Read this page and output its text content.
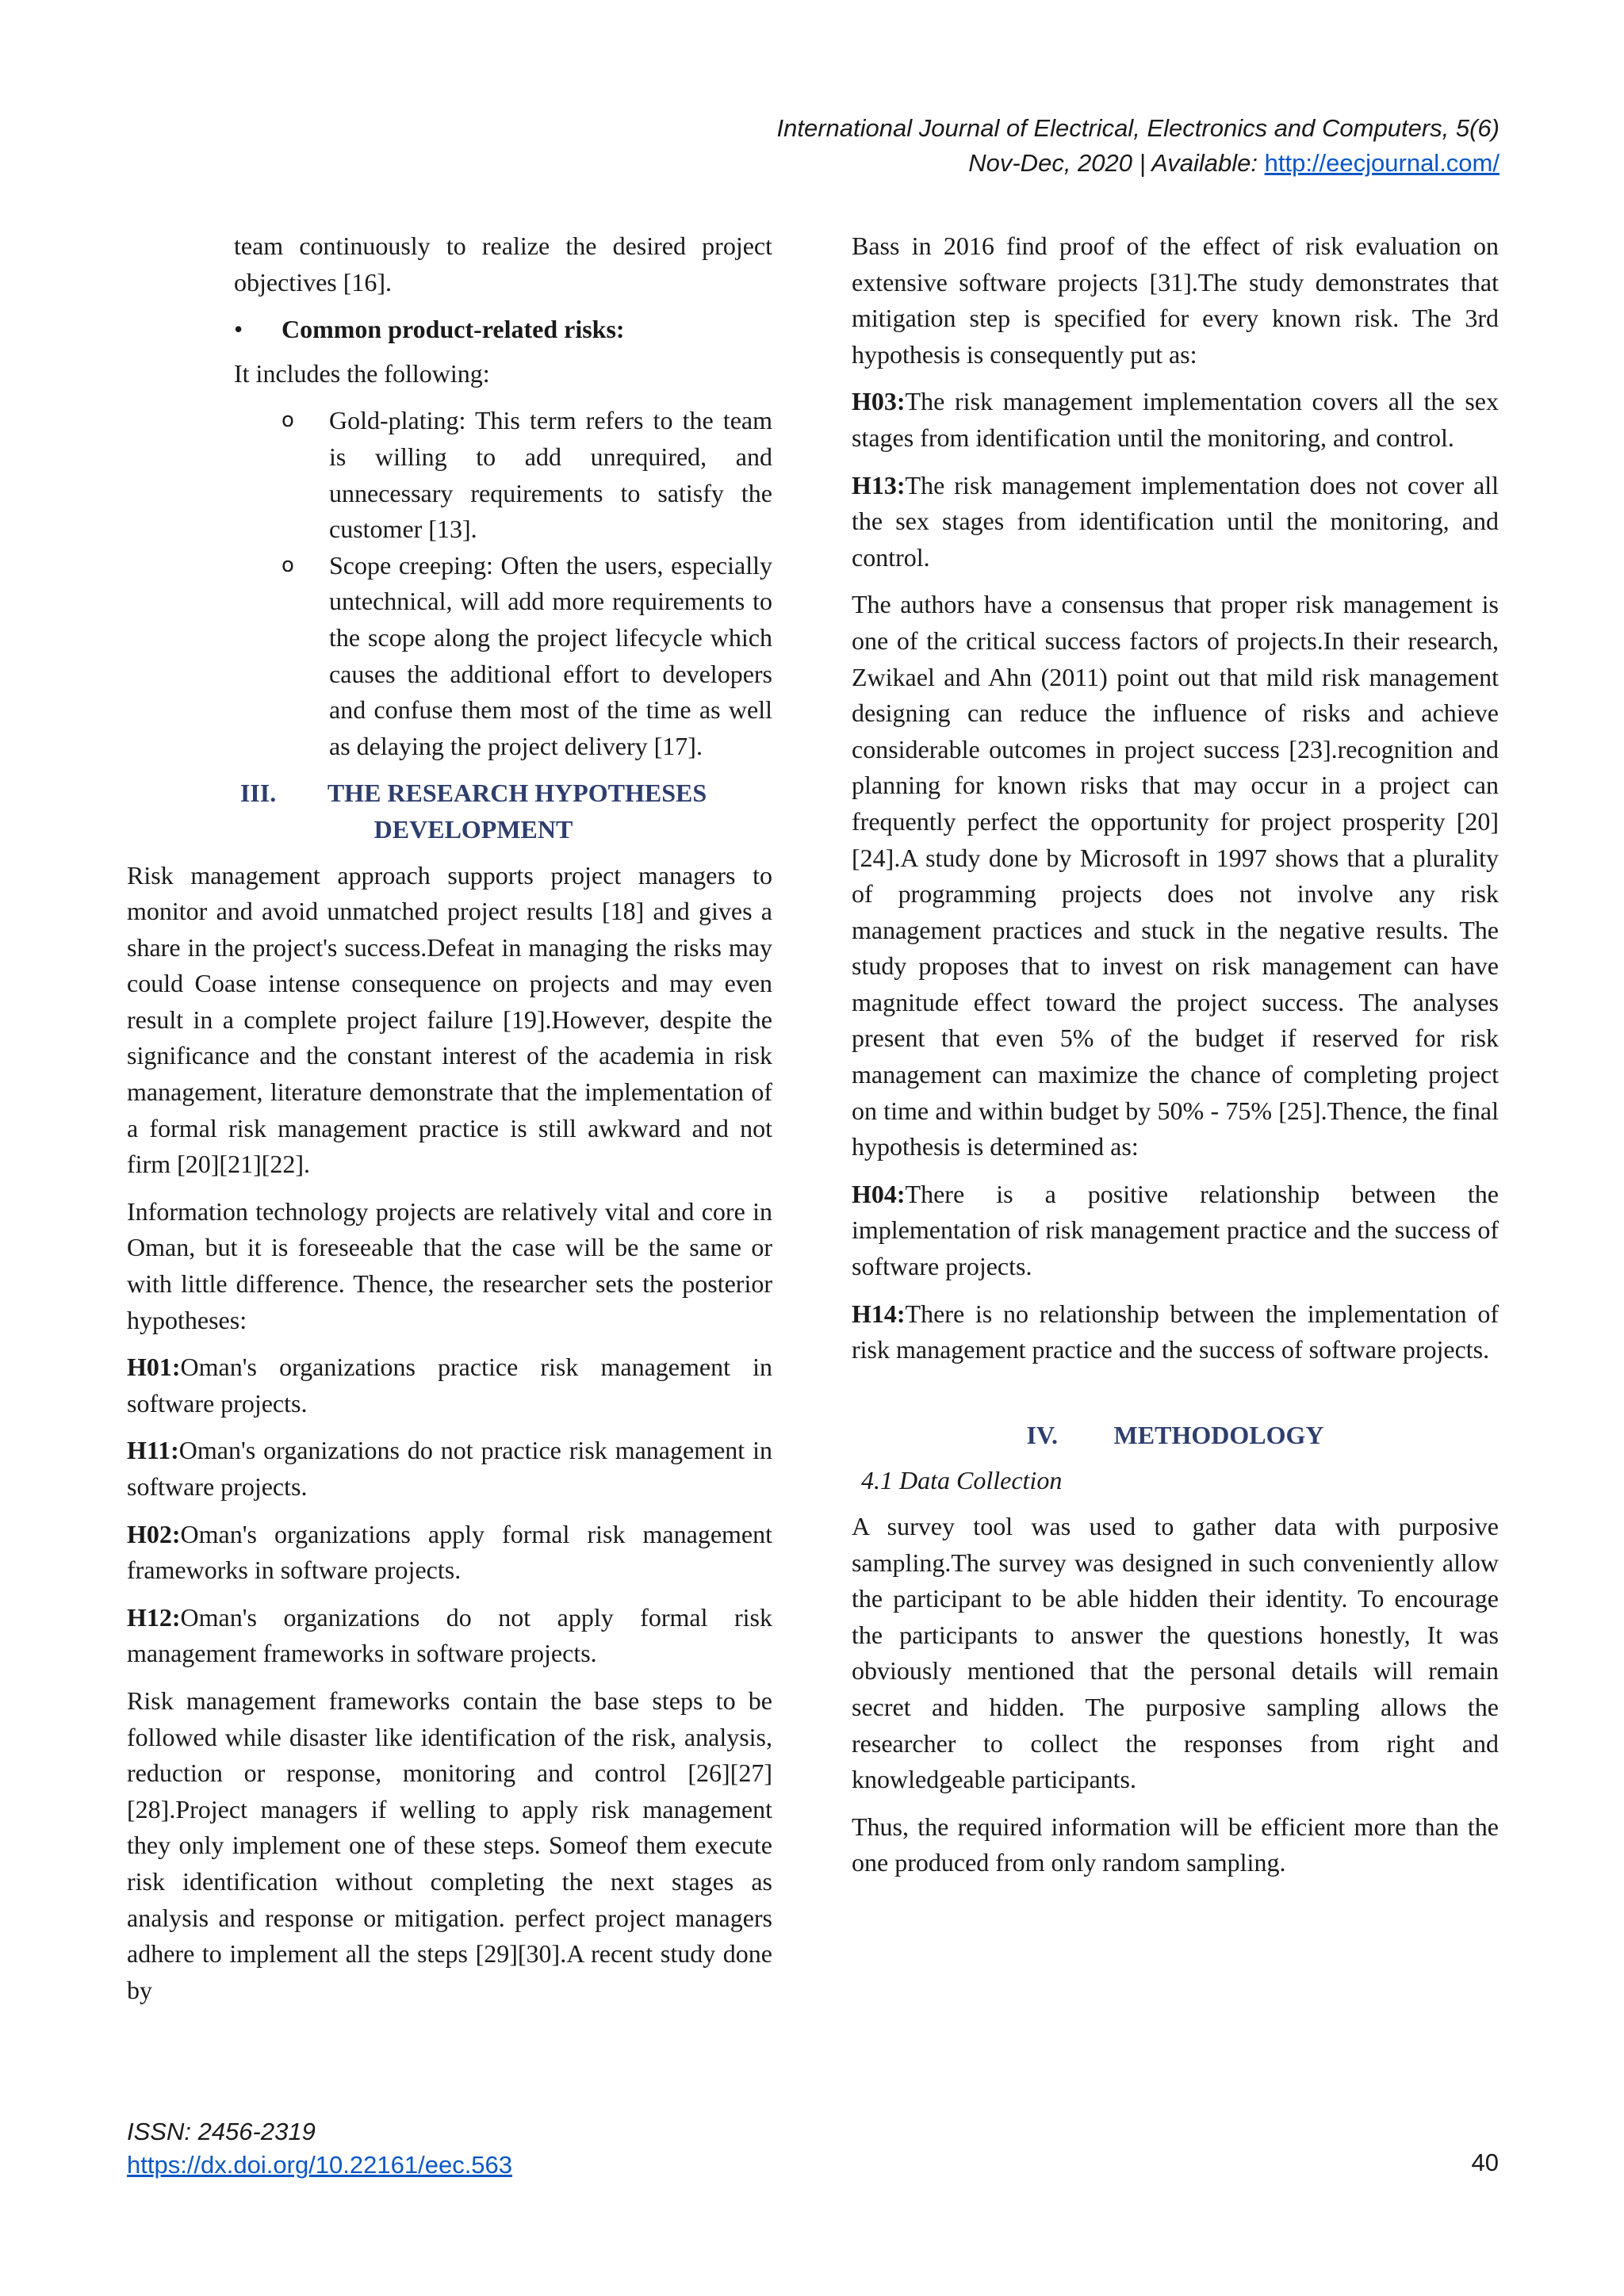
International Journal of Electrical, Electronics and Computers, 5(6)
Nov-Dec, 2020 | Available: http://eecjournal.com/

team continuously to realize the desired project objectives [16].

•	Common product-related risks:

It includes the following:

o	Gold-plating: This term refers to the team is willing to add unrequired, and unnecessary requirements to satisfy the customer [13].
o	Scope creeping: Often the users, especially untechnical, will add more requirements to the scope along the project lifecycle which causes the additional effort to developers and confuse them most of the time as well as delaying the project delivery [17].
III. THE RESEARCH HYPOTHESES DEVELOPMENT

Risk management approach supports project managers to monitor and avoid unmatched project results [18] and gives a share in the project's success.Defeat in managing the risks may could Coase intense consequence on projects and may even result in a complete project failure [19].However, despite the significance and the constant interest of the academia in risk management, literature demonstrate that the implementation of a formal risk management practice is still awkward and not firm [20][21][22].

Information technology projects are relatively vital and core in Oman, but it is foreseeable that the case will be the same or with little difference. Thence, the researcher sets the posterior hypotheses:

H01:Oman's organizations practice risk management in software projects.

H11:Oman's organizations do not practice risk management in software projects.

H02:Oman's organizations apply formal risk management frameworks in software projects.

H12:Oman's organizations do not apply formal risk management frameworks in software projects.

Risk management frameworks contain the base steps to be followed while disaster like identification of the risk, analysis, reduction or response, monitoring and control [26][27][28].Project managers if welling to apply risk management they only implement one of these steps. Someof them execute risk identification without completing the next stages as analysis and response or mitigation. perfect project managers adhere to implement all the steps [29][30].A recent study done by

Bass in 2016 find proof of the effect of risk evaluation on extensive software projects [31].The study demonstrates that mitigation step is specified for every known risk. The 3rd hypothesis is consequently put as:

H03:The risk management implementation covers all the sex stages from identification until the monitoring, and control.

H13:The risk management implementation does not cover all the sex stages from identification until the monitoring, and control.

The authors have a consensus that proper risk management is one of the critical success factors of projects.In their research, Zwikael and Ahn (2011) point out that mild risk management designing can reduce the influence of risks and achieve considerable outcomes in project success [23].recognition and planning for known risks that may occur in a project can frequently perfect the opportunity for project prosperity [20][24].A study done by Microsoft in 1997 shows that a plurality of programming projects does not involve any risk management practices and stuck in the negative results. The study proposes that to invest on risk management can have magnitude effect toward the project success. The analyses present that even 5% of the budget if reserved for risk management can maximize the chance of completing project on time and within budget by 50% - 75% [25].Thence, the final hypothesis is determined as:

H04:There is a positive relationship between the implementation of risk management practice and the success of software projects.

H14:There is no relationship between the implementation of risk management practice and the success of software projects.

IV. METHODOLOGY
4.1 Data Collection

A survey tool was used to gather data with purposive sampling.The survey was designed in such conveniently allow the participant to be able hidden their identity. To encourage the participants to answer the questions honestly, It was obviously mentioned that the personal details will remain secret and hidden. The purposive sampling allows the researcher to collect the responses from right and knowledgeable participants.

Thus, the required information will be efficient more than the one produced from only random sampling.

ISSN: 2456-2319
https://dx.doi.org/10.22161/eec.563	40
